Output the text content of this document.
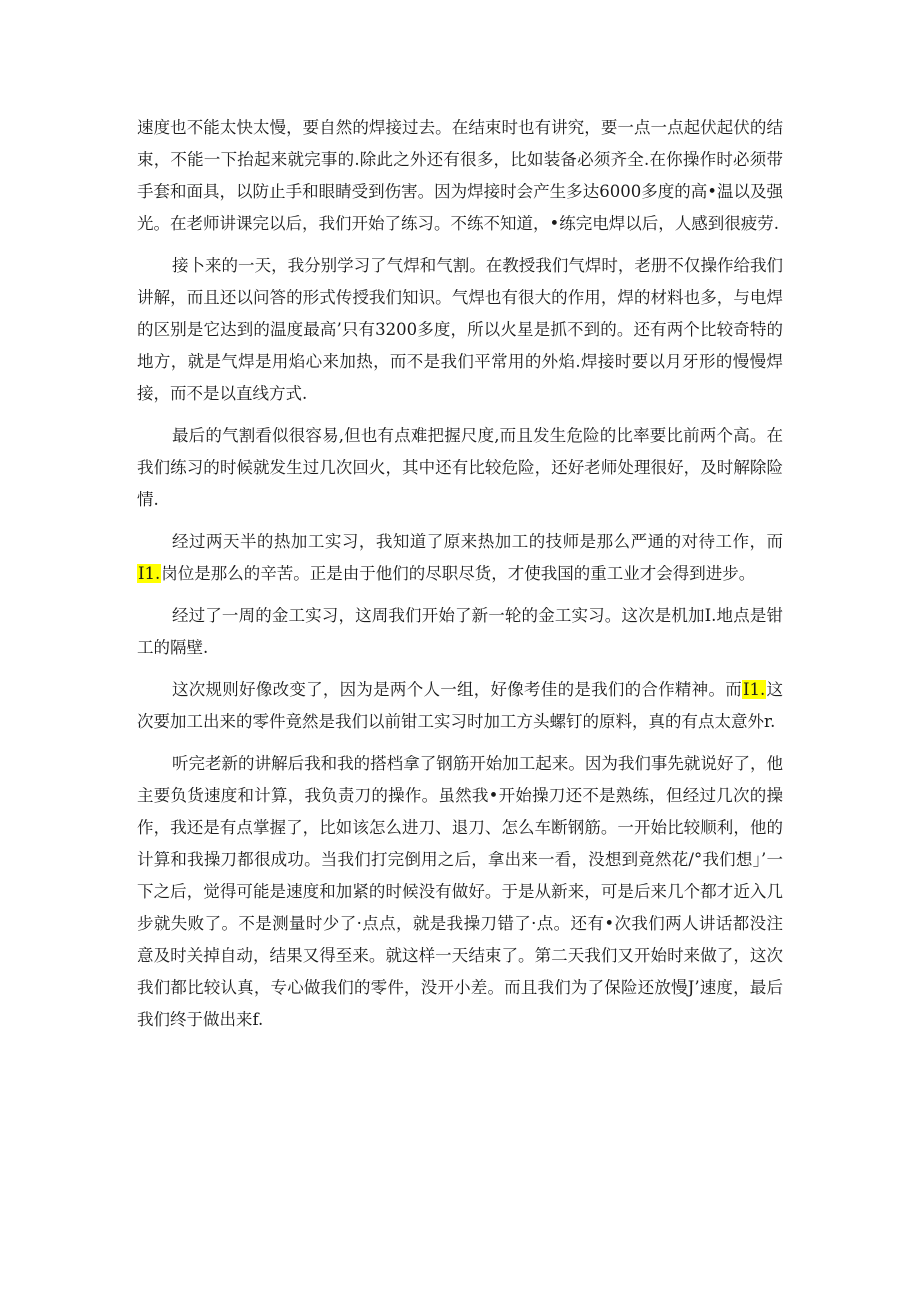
速度也不能太快太慢，要自然的焊接过去。在结束时也有讲究，要一点一点起伏起伏的结束，不能一下抬起来就完事的.除此之外还有很多，比如装备必须齐全.在你操作时必须带手套和面具，以防止手和眼睛受到伤害。因为焊接时会产生多达6000多度的高•温以及强光。在老师讲课完以后，我们开始了练习。不练不知道，•练完电焊以后，人感到很疲劳.

接卜来的一天，我分别学习了气焊和气割。在教授我们气焊时，老册不仅操作给我们讲解，而且还以问答的形式传授我们知识。气焊也有很大的作用，焊的材料也多，与电焊的区别是它达到的温度最高’只有3200多度，所以火星是抓不到的。还有两个比较奇特的地方，就是气焊是用焰心来加热，而不是我们平常用的外焰.焊接时要以月牙形的慢慢焊接，而不是以直线方式.

最后的气割看似很容易,但也有点难把握尺度,而且发生危险的比率要比前两个高。在我们练习的时候就发生过几次回火，其中还有比较危险，还好老师处理很好，及时解除险情.

经过两天半的热加工实习，我知道了原来热加工的技师是那么严通的对待工作，而I1.岗位是那么的辛苦。正是由于他们的尽职尽货，才使我国的重工业才会得到进步。

经过了一周的金工实习，这周我们开始了新一轮的金工实习。这次是机加I.地点是钳工的隔壁.

这次规则好像改变了，因为是两个人一组，好像考佳的是我们的合作精神。而I1.这次要加工出来的零件竟然是我们以前钳工实习时加工方头螺钉的原料，真的有点太意外r.

听完老新的讲解后我和我的搭档拿了钢筋开始加工起来。因为我们事先就说好了，他主要负货速度和计算，我负责刀的操作。虽然我•开始操刀还不是熟练，但经过几次的操作，我还是有点掌握了，比如该怎么进刀、退刀、怎么车断钢筋。一开始比较顺利，他的计算和我操刀都很成功。当我们打完倒用之后，拿出来一看，没想到竟然花/°我们想」’一下之后，觉得可能是速度和加紧的时候没有做好。于是从新来，可是后来几个都才近入几步就失败了。不是测量时少了·点点，就是我操刀错了·点。还有•次我们两人讲话都没注意及时关掉自动，结果又得至来。就这样一天结束了。第二天我们又开始时来做了，这次我们都比较认真，专心做我们的零件，没开小差。而且我们为了保险还放慢J’速度，最后我们终于做出来f.
